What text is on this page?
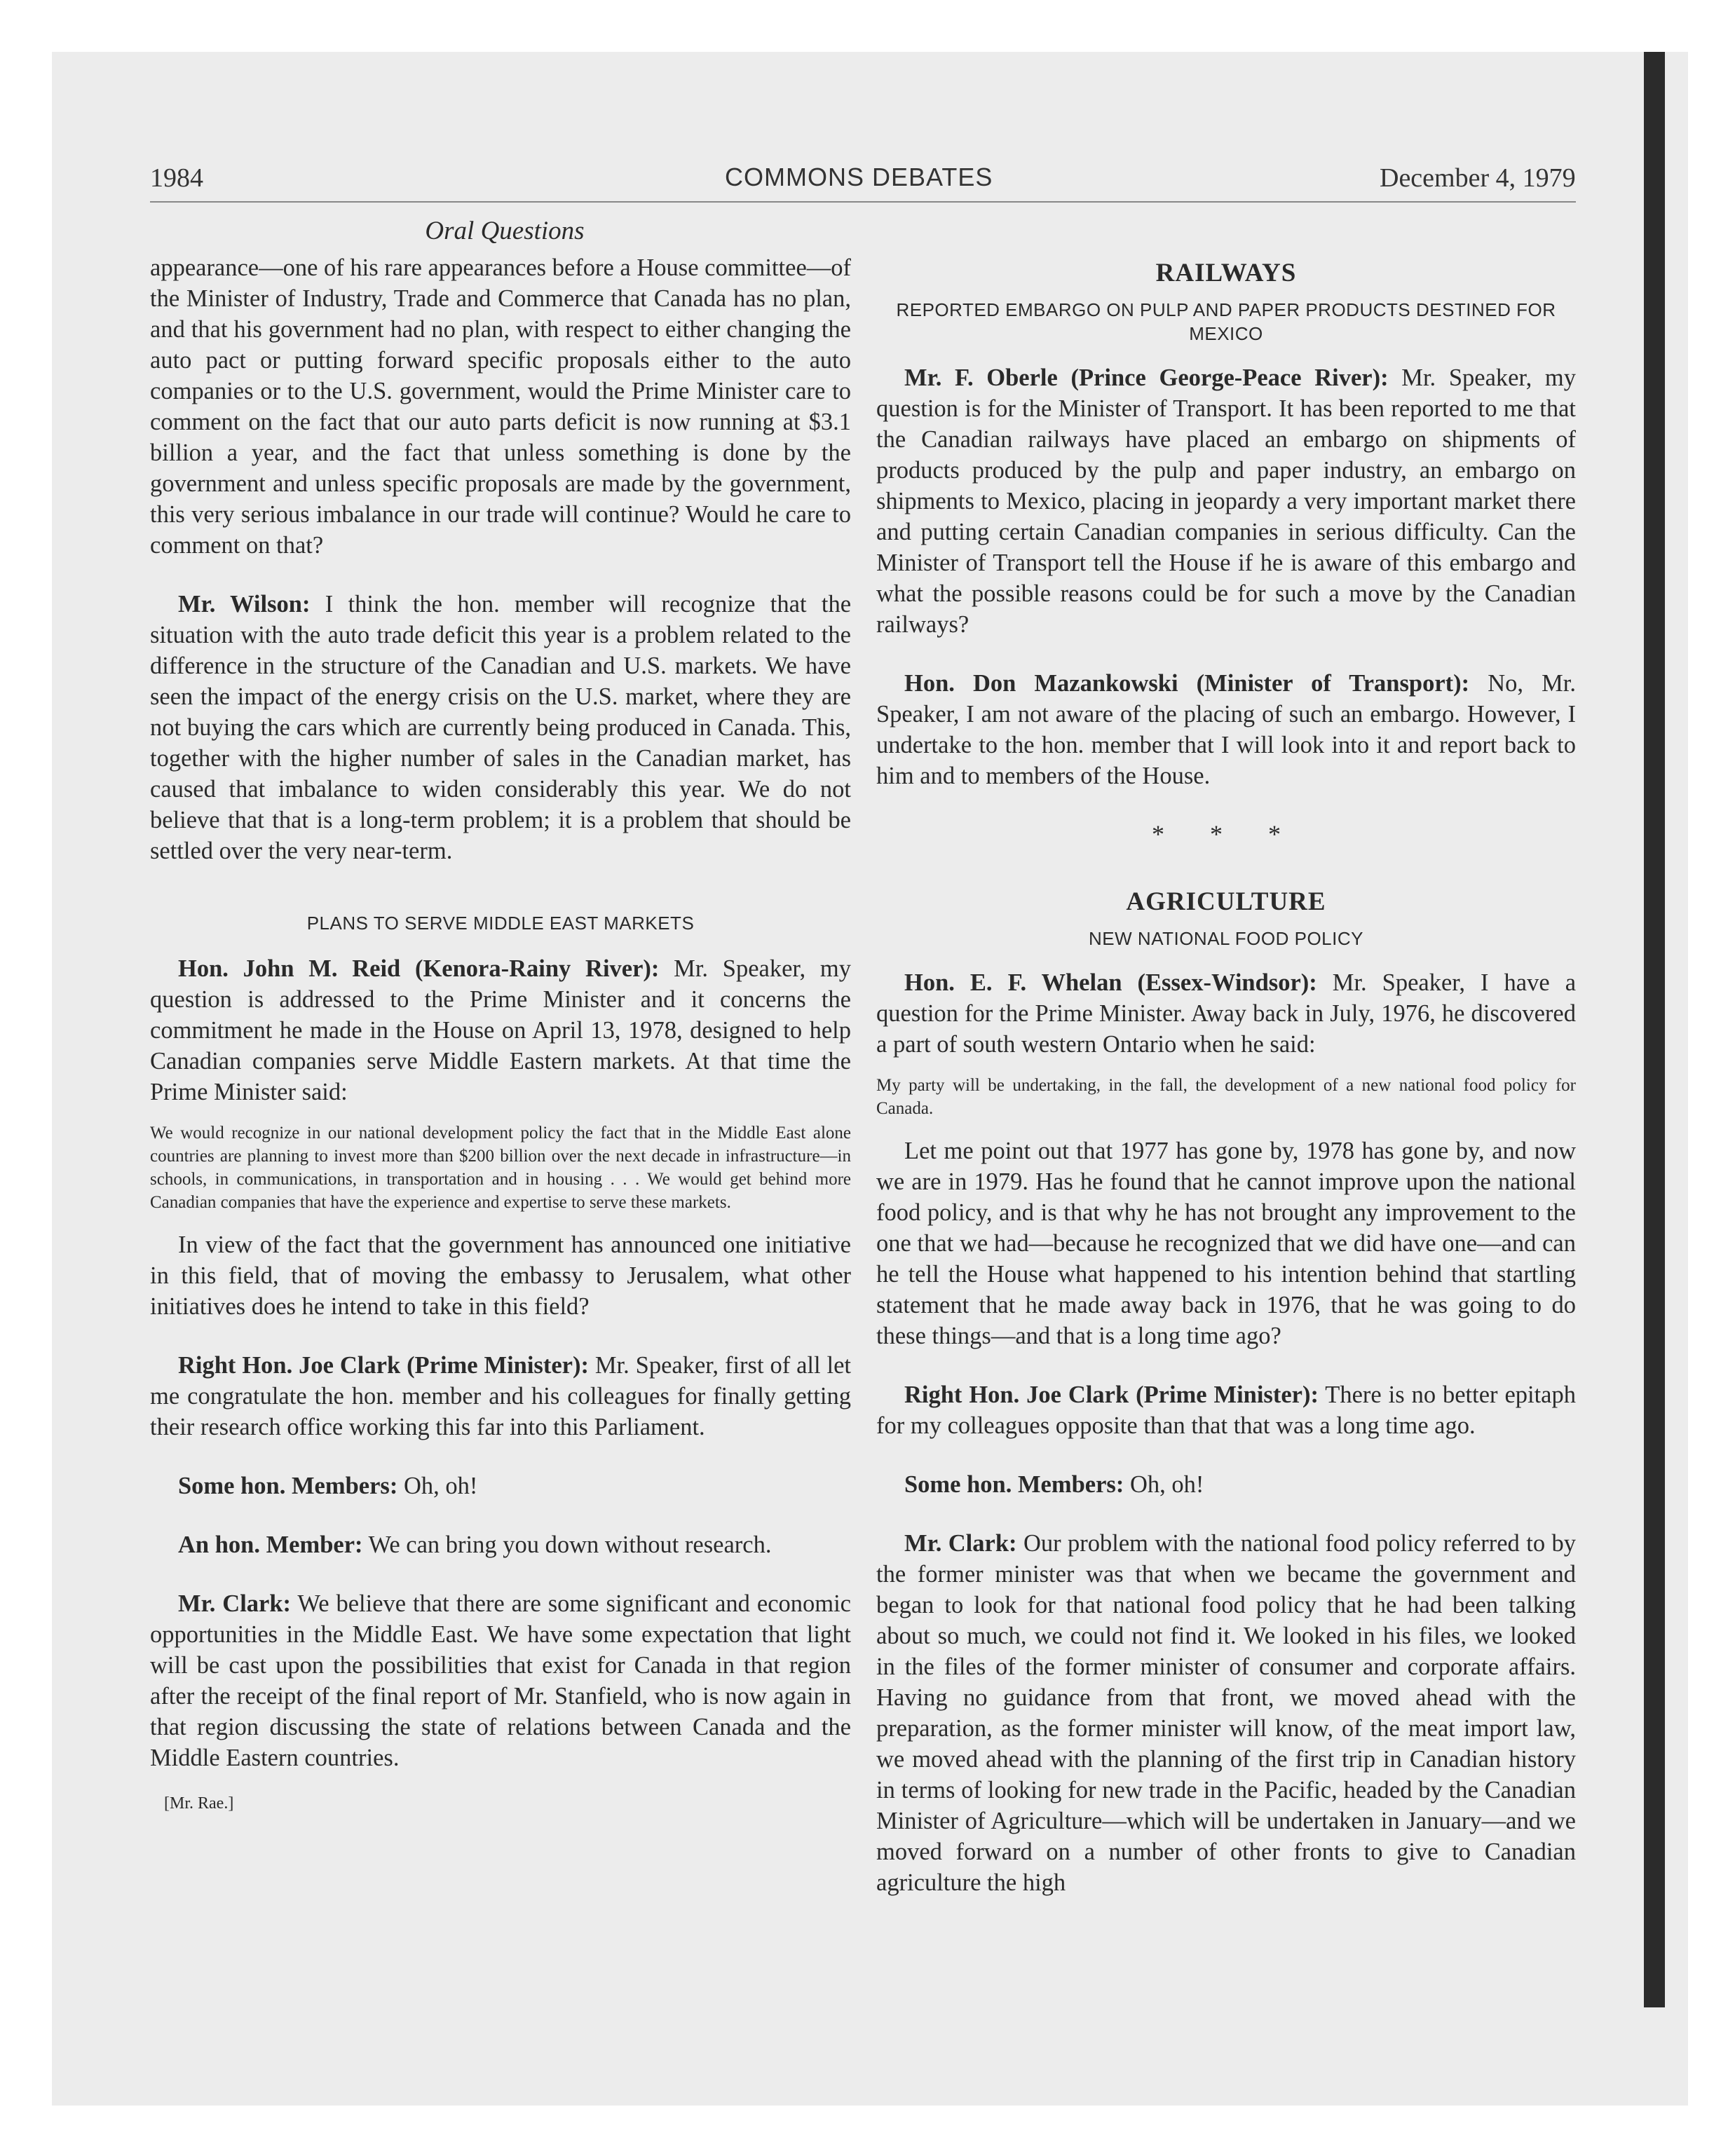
1984	COMMONS DEBATES	December 4, 1979
Oral Questions

appearance—one of his rare appearances before a House committee—of the Minister of Industry, Trade and Commerce that Canada has no plan, and that his government had no plan, with respect to either changing the auto pact or putting forward specific proposals either to the auto companies or to the U.S. government, would the Prime Minister care to comment on the fact that our auto parts deficit is now running at $3.1 billion a year, and the fact that unless something is done by the government and unless specific proposals are made by the government, this very serious imbalance in our trade will continue? Would he care to comment on that?

Mr. Wilson: I think the hon. member will recognize that the situation with the auto trade deficit this year is a problem related to the difference in the structure of the Canadian and U.S. markets. We have seen the impact of the energy crisis on the U.S. market, where they are not buying the cars which are currently being produced in Canada. This, together with the higher number of sales in the Canadian market, has caused that imbalance to widen considerably this year. We do not believe that that is a long-term problem; it is a problem that should be settled over the very near-term.

PLANS TO SERVE MIDDLE EAST MARKETS

Hon. John M. Reid (Kenora-Rainy River): Mr. Speaker, my question is addressed to the Prime Minister and it concerns the commitment he made in the House on April 13, 1978, designed to help Canadian companies serve Middle Eastern markets. At that time the Prime Minister said:

We would recognize in our national development policy the fact that in the Middle East alone countries are planning to invest more than $200 billion over the next decade in infrastructure—in schools, in communications, in transportation and in housing . . . We would get behind more Canadian companies that have the experience and expertise to serve these markets.

In view of the fact that the government has announced one initiative in this field, that of moving the embassy to Jerusalem, what other initiatives does he intend to take in this field?

Right Hon. Joe Clark (Prime Minister): Mr. Speaker, first of all let me congratulate the hon. member and his colleagues for finally getting their research office working this far into this Parliament.

Some hon. Members: Oh, oh!

An hon. Member: We can bring you down without research.

Mr. Clark: We believe that there are some significant and economic opportunities in the Middle East. We have some expectation that light will be cast upon the possibilities that exist for Canada in that region after the receipt of the final report of Mr. Stanfield, who is now again in that region discussing the state of relations between Canada and the Middle Eastern countries.

[Mr. Rae.]
RAILWAYS
REPORTED EMBARGO ON PULP AND PAPER PRODUCTS DESTINED FOR MEXICO

Mr. F. Oberle (Prince George-Peace River): Mr. Speaker, my question is for the Minister of Transport. It has been reported to me that the Canadian railways have placed an embargo on shipments of products produced by the pulp and paper industry, an embargo on shipments to Mexico, placing in jeopardy a very important market there and putting certain Canadian companies in serious difficulty. Can the Minister of Transport tell the House if he is aware of this embargo and what the possible reasons could be for such a move by the Canadian railways?

Hon. Don Mazankowski (Minister of Transport): No, Mr. Speaker, I am not aware of the placing of such an embargo. However, I undertake to the hon. member that I will look into it and report back to him and to members of the House.

* * *
AGRICULTURE
NEW NATIONAL FOOD POLICY

Hon. E. F. Whelan (Essex-Windsor): Mr. Speaker, I have a question for the Prime Minister. Away back in July, 1976, he discovered a part of south western Ontario when he said:

My party will be undertaking, in the fall, the development of a new national food policy for Canada.

Let me point out that 1977 has gone by, 1978 has gone by, and now we are in 1979. Has he found that he cannot improve upon the national food policy, and is that why he has not brought any improvement to the one that we had—because he recognized that we did have one—and can he tell the House what happened to his intention behind that startling statement that he made away back in 1976, that he was going to do these things—and that is a long time ago?

Right Hon. Joe Clark (Prime Minister): There is no better epitaph for my colleagues opposite than that that was a long time ago.

Some hon. Members: Oh, oh!

Mr. Clark: Our problem with the national food policy referred to by the former minister was that when we became the government and began to look for that national food policy that he had been talking about so much, we could not find it. We looked in his files, we looked in the files of the former minister of consumer and corporate affairs. Having no guidance from that front, we moved ahead with the preparation, as the former minister will know, of the meat import law, we moved ahead with the planning of the first trip in Canadian history in terms of looking for new trade in the Pacific, headed by the Canadian Minister of Agriculture—which will be undertaken in January—and we moved forward on a number of other fronts to give to Canadian agriculture the high
